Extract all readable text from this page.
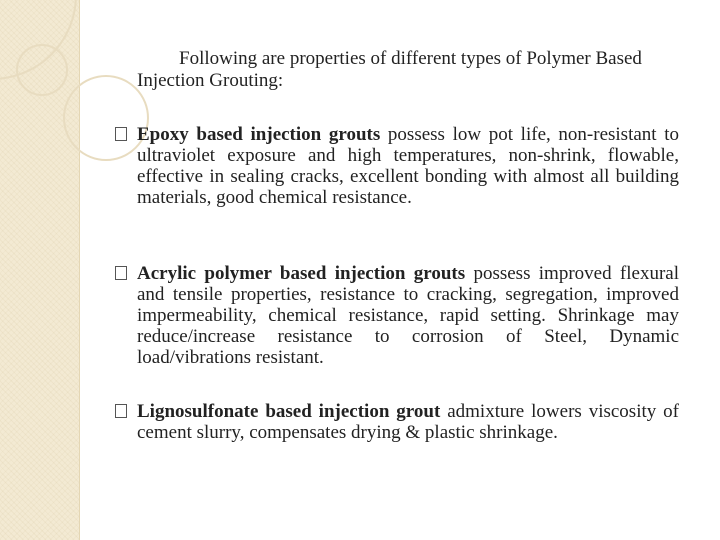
Following are properties of different types of Polymer Based Injection Grouting:
Epoxy based injection grouts possess low pot life, non-resistant to ultraviolet exposure and high temperatures, non-shrink, flowable, effective in sealing cracks, excellent bonding with almost all building materials, good chemical resistance.
Acrylic polymer based injection grouts possess improved flexural and tensile properties, resistance to cracking, segregation, improved impermeability, chemical resistance, rapid setting. Shrinkage may reduce/increase resistance to corrosion of Steel, Dynamic load/vibrations resistant.
Lignosulfonate based injection grout admixture lowers viscosity of cement slurry, compensates drying & plastic shrinkage.
